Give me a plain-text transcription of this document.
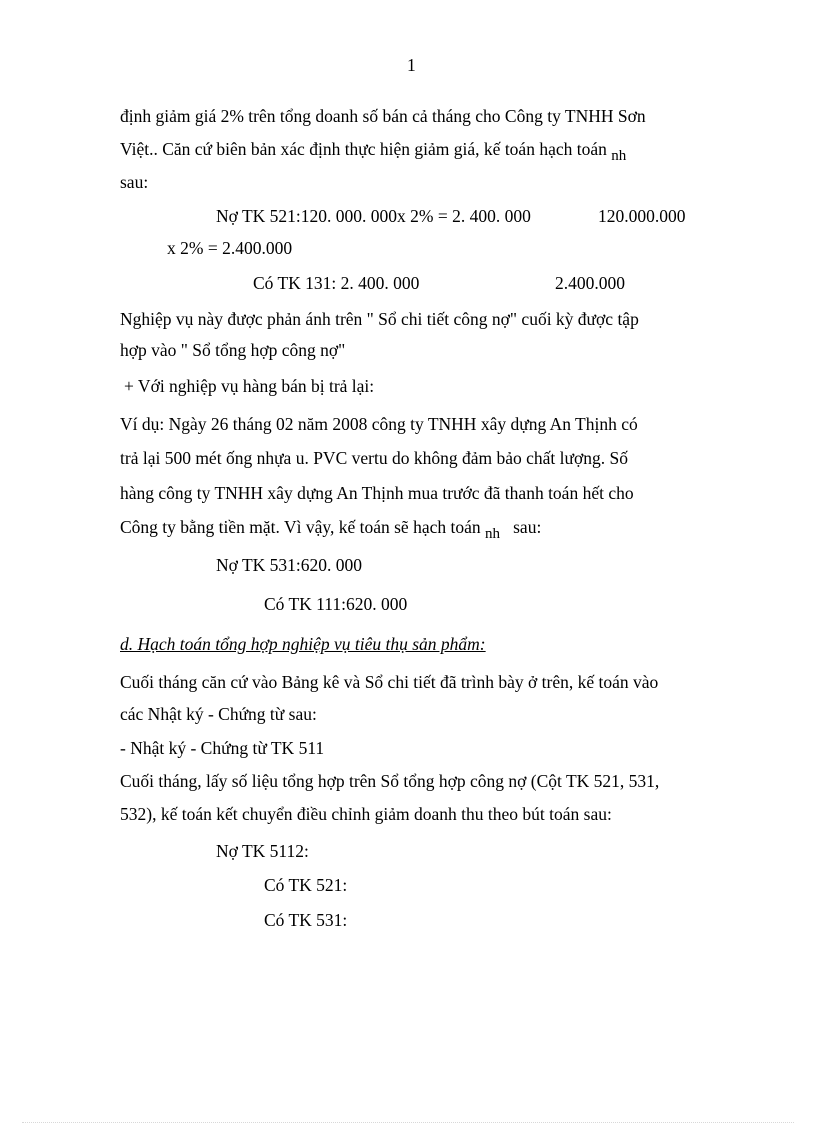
1
định giảm giá 2% trên tổng doanh số bán cả tháng cho Công ty TNHH Sơn
Việt.. Căn cứ biên bản xác định thực hiện giảm giá, kế toán hạch toán nh
sau:
Nợ TK 521:120. 000. 000x 2% = 2. 400. 000	120.000.000
x 2% = 2.400.000
Có TK 131: 2. 400. 000	2.400.000
Nghiệp vụ này được phản ánh trên " Sổ chi tiết công nợ" cuối kỳ được tập
hợp vào " Sổ tổng hợp công nợ"
+ Với nghiệp vụ hàng bán bị trả lại:
Ví dụ: Ngày 26 tháng 02 năm 2008 công ty TNHH xây dựng An Thịnh có
trả lại 500 mét ống nhựa u. PVC vertu do không đảm bảo chất lượng. Số
hàng công ty TNHH xây dựng An Thịnh mua trước đã thanh toán hết cho
Công ty bằng tiền mặt. Vì vậy, kế toán sẽ hạch toán nh sau:
Nợ TK 531:620. 000
Có TK 111:620. 000
d. Hạch toán tổng hợp nghiệp vụ tiêu thụ sản phẩm:
Cuối tháng căn cứ vào Bảng kê và Sổ chi tiết đã trình bày ở trên, kế toán vào
các Nhật ký - Chứng từ sau:
- Nhật ký - Chứng từ TK 511
Cuối tháng, lấy số liệu tổng hợp trên Sổ tổng hợp công nợ (Cột TK 521, 531,
532), kế toán kết chuyển điều chỉnh giảm doanh thu theo bút toán sau:
Nợ TK 5112:
Có TK 521:
Có TK 531:
